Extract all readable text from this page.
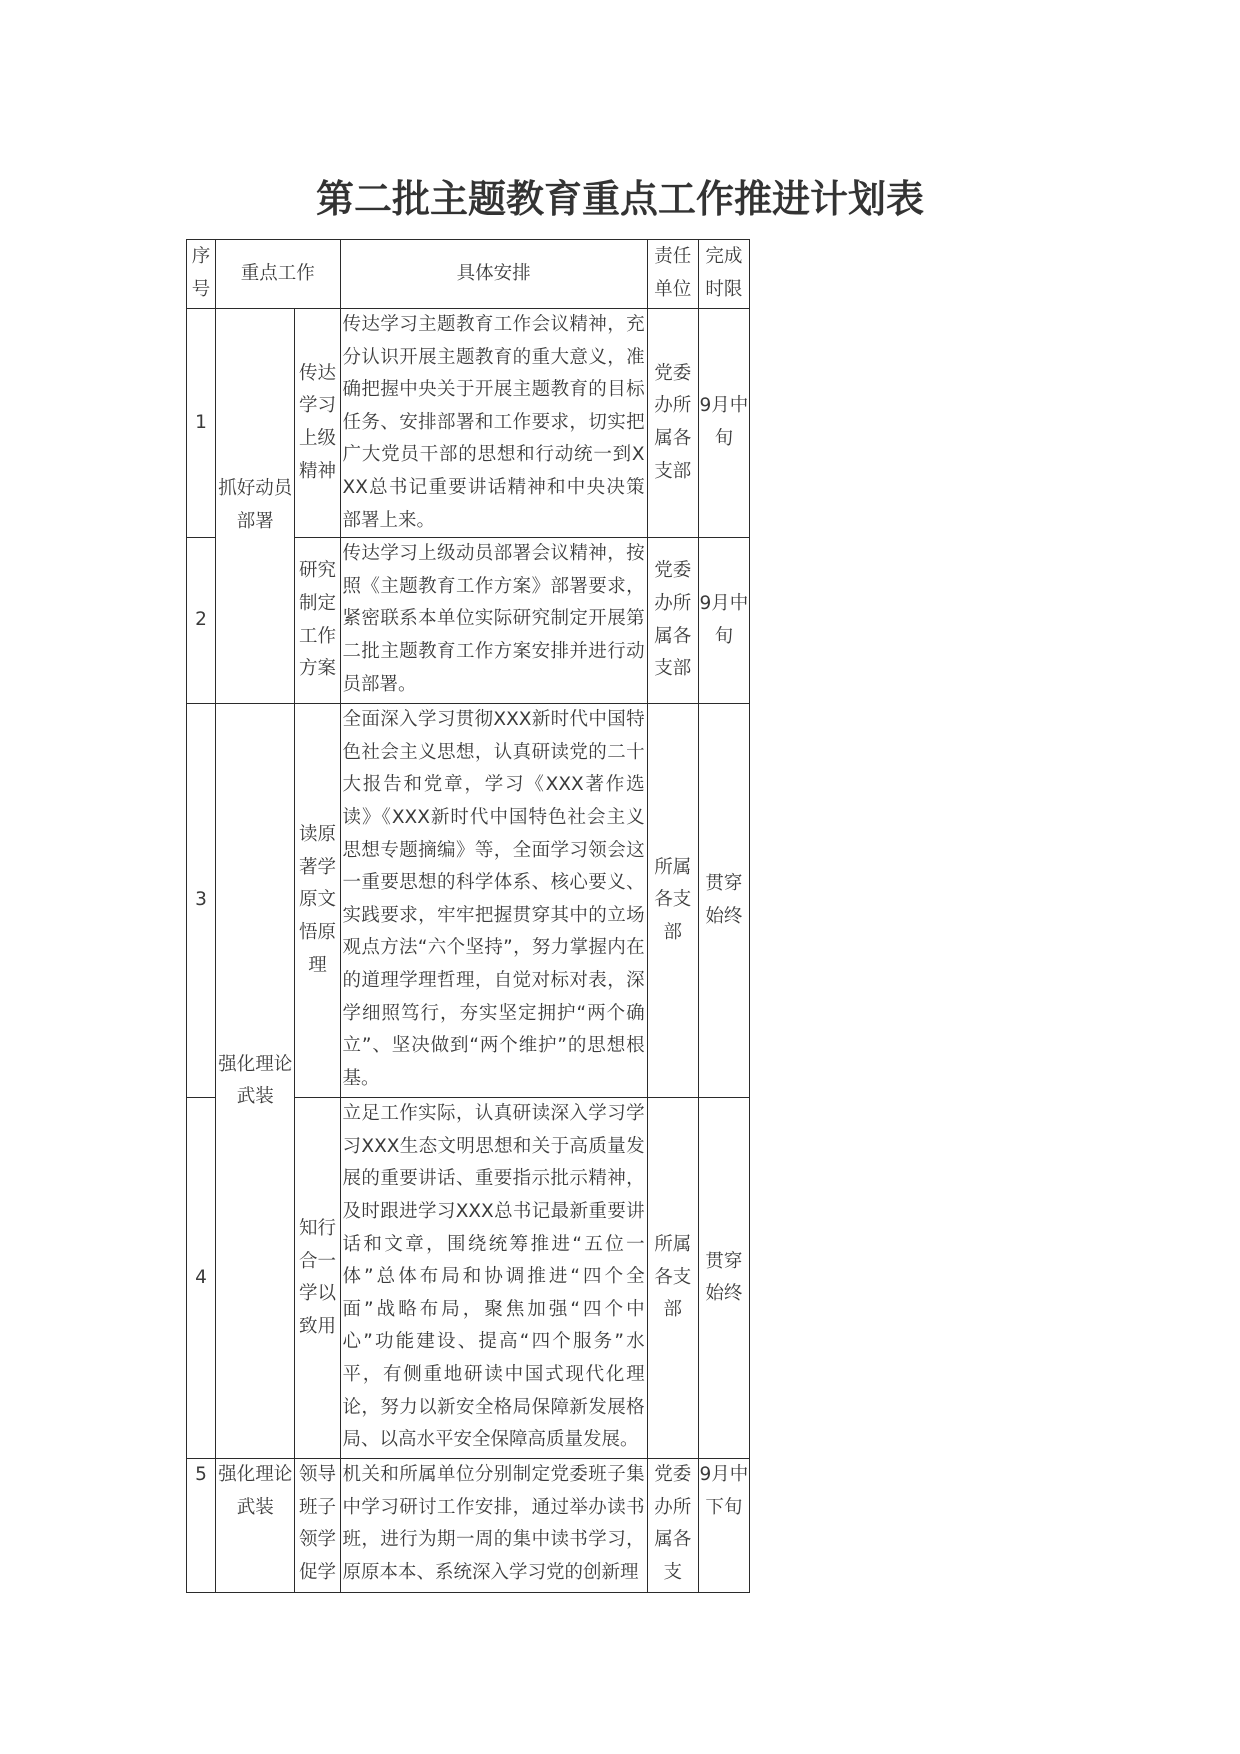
第二批主题教育重点工作推进计划表
序号	重点工作		具体安排	责任单位	完成时限
1	抓好动员部署	传达学习上级精神	传达学习主题教育工作会议精神，充分认识开展主题教育的重大意义，准确把握中央关于开展主题教育的目标任务、安排部署和工作要求，切实把广大党员干部的思想和行动统一到XXX总书记重要讲话精神和中央决策部署上来。	党委办所属各支部	9月中旬
2		研究制定工作方案	传达学习上级动员部署会议精神，按照《主题教育工作方案》部署要求，紧密联系本单位实际研究制定开展第二批主题教育工作方案安排并进行动员部署。	党委办所属各支部	9月中旬
3	强化理论武装	读原著学原文悟原理	全面深入学习贯彻XXX新时代中国特色社会主义思想，认真研读党的二十大报告和党章，学习《XXX著作选读》《XXX新时代中国特色社会主义思想专题摘编》等，全面学习领会这一重要思想的科学体系、核心要义、实践要求，牢牢把握贯穿其中的立场观点方法“六个坚持”，努力掌握内在的道理学理哲理，自觉对标对表，深学细照笃行，夯实坚定拥护“两个确立”、坚决做到“两个维护”的思想根基。	所属各支部	贯穿始终
4		知行合一学以致用	立足工作实际，认真研读深入学习学习XXX生态文明思想和关于高质量发展的重要讲话、重要指示批示精神，及时跟进学习XXX总书记最新重要讲话和文章，围绕统筹推进“五位一体”总体布局和协调推进“四个全面”战略布局，聚焦加强“四个中心”功能建设、提高“四个服务”水平，有侧重地研读中国式现代化理论，努力以新安全格局保障新发展格局、以高水平安全保障高质量发展。	所属各支部	贯穿始终
5	强化理论武装	领导班子领学促学	机关和所属单位分别制定党委班子集中学习研讨工作安排，通过举办读书班，进行为期一周的集中读书学习，原原本本、系统深入学习党的创新理	党委办所属各支	9月中下旬
